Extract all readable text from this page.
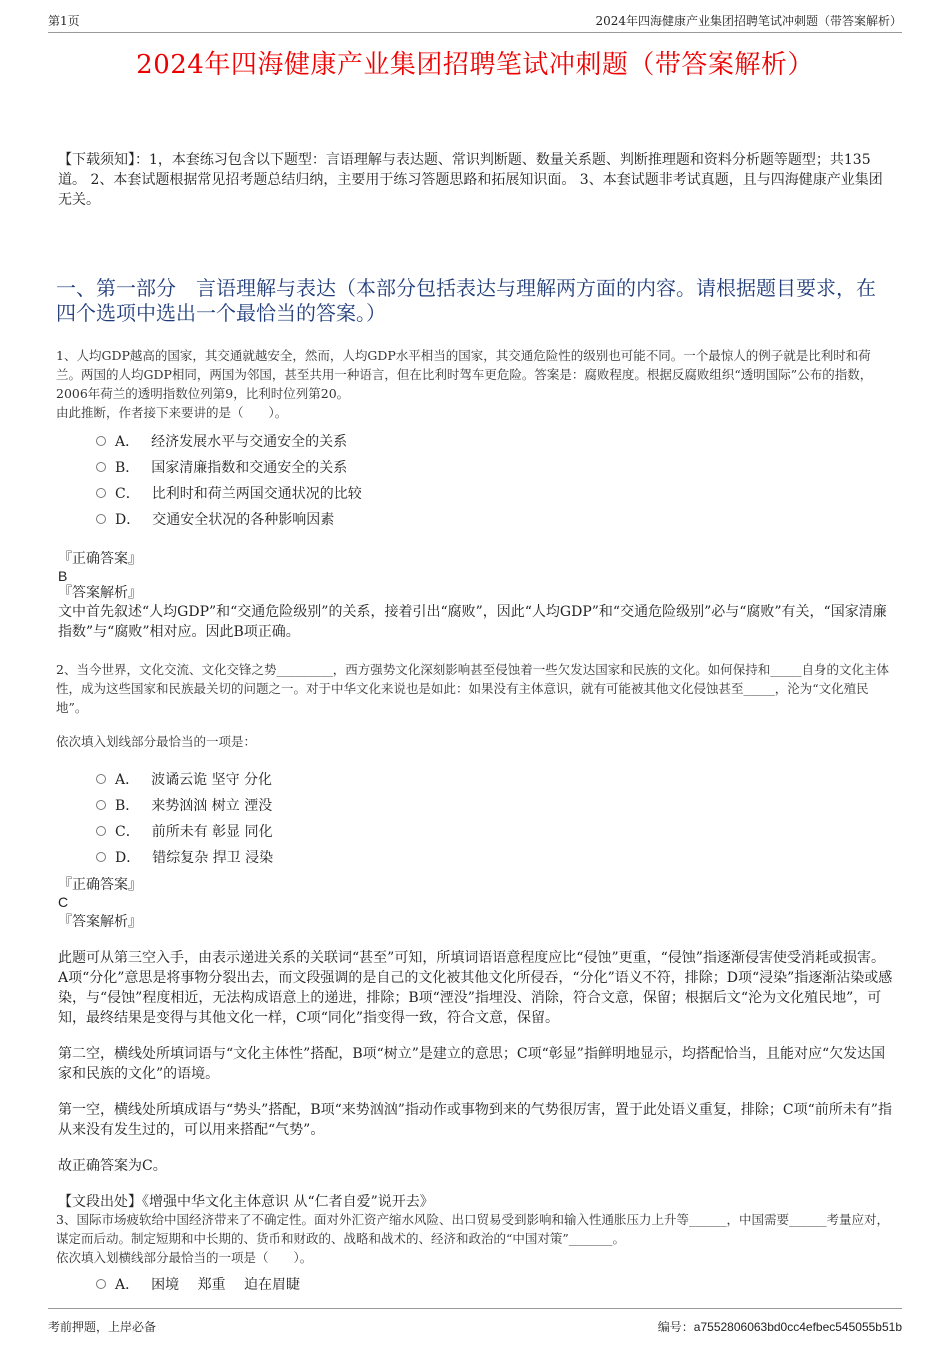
第1页	2024年四海健康产业集团招聘笔试冲刺题（带答案解析）
2024年四海健康产业集团招聘笔试冲刺题（带答案解析）
【下载须知】：1，本套练习包含以下题型：言语理解与表达题、常识判断题、数量关系题、判断推理题和资料分析题等题型；共135道。 2、本套试题根据常见招考题总结归纳，主要用于练习答题思路和拓展知识面。 3、本套试题非考试真题，且与四海健康产业集团无关。
一、第一部分　言语理解与表达（本部分包括表达与理解两方面的内容。请根据题目要求，在四个选项中选出一个最恰当的答案。）

1、人均GDP越高的国家，其交通就越安全，然而，人均GDP水平相当的国家，其交通危险性的级别也可能不同。一个最惊人的例子就是比利时和荷兰。两国的人均GDP相同，两国为邻国，甚至共用一种语言，但在比利时驾车更危险。答案是：腐败程度。根据反腐败组织“透明国际”公布的指数，2006年荷兰的透明指数位列第9，比利时位列第20。

由此推断，作者接下来要讲的是（　　）。

A． 经济发展水平与交通安全的关系
B． 国家清廉指数和交通安全的关系
C． 比利时和荷兰两国交通状况的比较
D． 交通安全状况的各种影响因素

『正确答案』

B

『答案解析』

文中首先叙述“人均GDP”和“交通危险级别”的关系，接着引出“腐败”，因此“人均GDP”和“交通危险级别”必与“腐败”有关，“国家清廉指数”与“腐败”相对应。因此B项正确。

2、当今世界，文化交流、文化交锋之势_________，西方强势文化深刻影响甚至侵蚀着一些欠发达国家和民族的文化。如何保持和_____自身的文化主体性，成为这些国家和民族最关切的问题之一。对于中华文化来说也是如此：如果没有主体意识，就有可能被其他文化侵蚀甚至_____，沦为“文化殖民地”。

依次填入划线部分最恰当的一项是：

A． 波谲云诡 坚守 分化
B． 来势汹汹 树立 湮没
C． 前所未有 彰显 同化
D． 错综复杂 捍卫 浸染

『正确答案』

C

『答案解析』

此题可从第三空入手，由表示递进关系的关联词“甚至”可知，所填词语语意程度应比“侵蚀”更重，“侵蚀”指逐渐侵害使受消耗或损害。A项“分化”意思是将事物分裂出去，而文段强调的是自己的文化被其他文化所侵吞，“分化”语义不符，排除；D项“浸染”指逐渐沾染或感染，与“侵蚀”程度相近，无法构成语意上的递进，排除；B项“湮没”指埋没、消除，符合文意，保留；根据后文“沦为文化殖民地”，可知，最终结果是变得与其他文化一样，C项“同化”指变得一致，符合文意，保留。

第二空，横线处所填词语与“文化主体性”搭配，B项“树立”是建立的意思；C项“彰显”指鲜明地显示，均搭配恰当，且能对应“欠发达国家和民族的文化”的语境。

第一空，横线处所填成语与“势头”搭配，B项“来势汹汹”指动作或事物到来的气势很厉害，置于此处语义重复，排除；C项“前所未有”指从来没有发生过的，可以用来搭配“气势”。

故正确答案为C。

【文段出处】《增强中华文化主体意识 从“仁者自爱”说开去》

3、国际市场疲软给中国经济带来了不确定性。面对外汇资产缩水风险、出口贸易受到影响和输入性通胀压力上升等______，中国需要______考量应对，谋定而后动。制定短期和中长期的、货币和财政的、战略和战术的、经济和政治的“中国对策”_______。

依次填入划横线部分最恰当的一项是（　　）。

A． 困境　 郑重　 迫在眉睫
考前押题，上岸必备	编号：a7552806063bd0cc4efbec545055b51b
